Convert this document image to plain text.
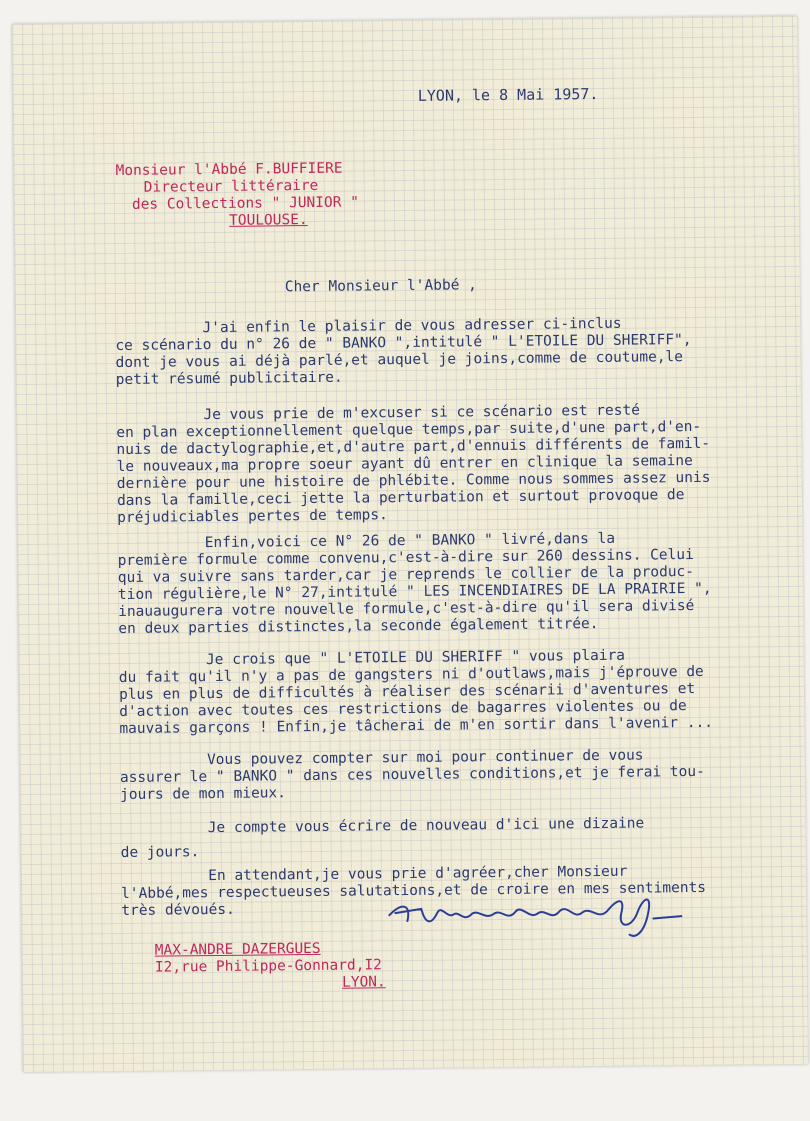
LYON, le 8 Mai 1957.
Monsieur l'Abbé F.BUFFIERE
Directeur littéraire
des Collections " JUNIOR "
TOULOUSE.
Cher Monsieur l'Abbé ,
J'ai enfin le plaisir de vous adresser ci-inclus
ce scénario du n° 26 de " BANKO ",intitulé " L'ETOILE DU SHERIFF",
dont je vous ai déjà parlé,et auquel je joins,comme de coutume,le
petit résumé publicitaire.
Je vous prie de m'excuser si ce scénario est resté
en plan exceptionnellement quelque temps,par suite,d'une part,d'en-
nuis de dactylographie,et,d'autre part,d'ennuis différents de famil-
le nouveaux,ma propre soeur ayant dû entrer en clinique la semaine
dernière pour une histoire de phlébite. Comme nous sommes assez unis
dans la famille,ceci jette la perturbation et surtout provoque de
préjudiciables pertes de temps.
Enfin,voici ce N° 26 de " BANKO " livré,dans la
première formule comme convenu,c'est-à-dire sur 260 dessins. Celui
qui va suivre sans tarder,car je reprends le collier de la produc-
tion régulière,le N° 27,intitulé " LES INCENDIAIRES DE LA PRAIRIE ",
inauaugurera votre nouvelle formule,c'est-à-dire qu'il sera divisé
en deux parties distinctes,la seconde également titrée.
Je crois que " L'ETOILE DU SHERIFF " vous plaira
du fait qu'il n'y a pas de gangsters ni d'outlaws,mais j'éprouve de
plus en plus de difficultés à réaliser des scénarii d'aventures et
d'action avec toutes ces restrictions de bagarres violentes ou de
mauvais garçons ! Enfin,je tâcherai de m'en sortir dans l'avenir ...
Vous pouvez compter sur moi pour continuer de vous
assurer le " BANKO " dans ces nouvelles conditions,et je ferai tou-
jours de mon mieux.
Je compte vous écrire de nouveau d'ici une dizaine
de jours.
En attendant,je vous prie d'agréer,cher Monsieur
l'Abbé,mes respectueuses salutations,et de croire en mes sentiments
très dévoués.
MAX-ANDRE DAZERGUES
I2,rue Philippe-Gonnard,I2
LYON.
